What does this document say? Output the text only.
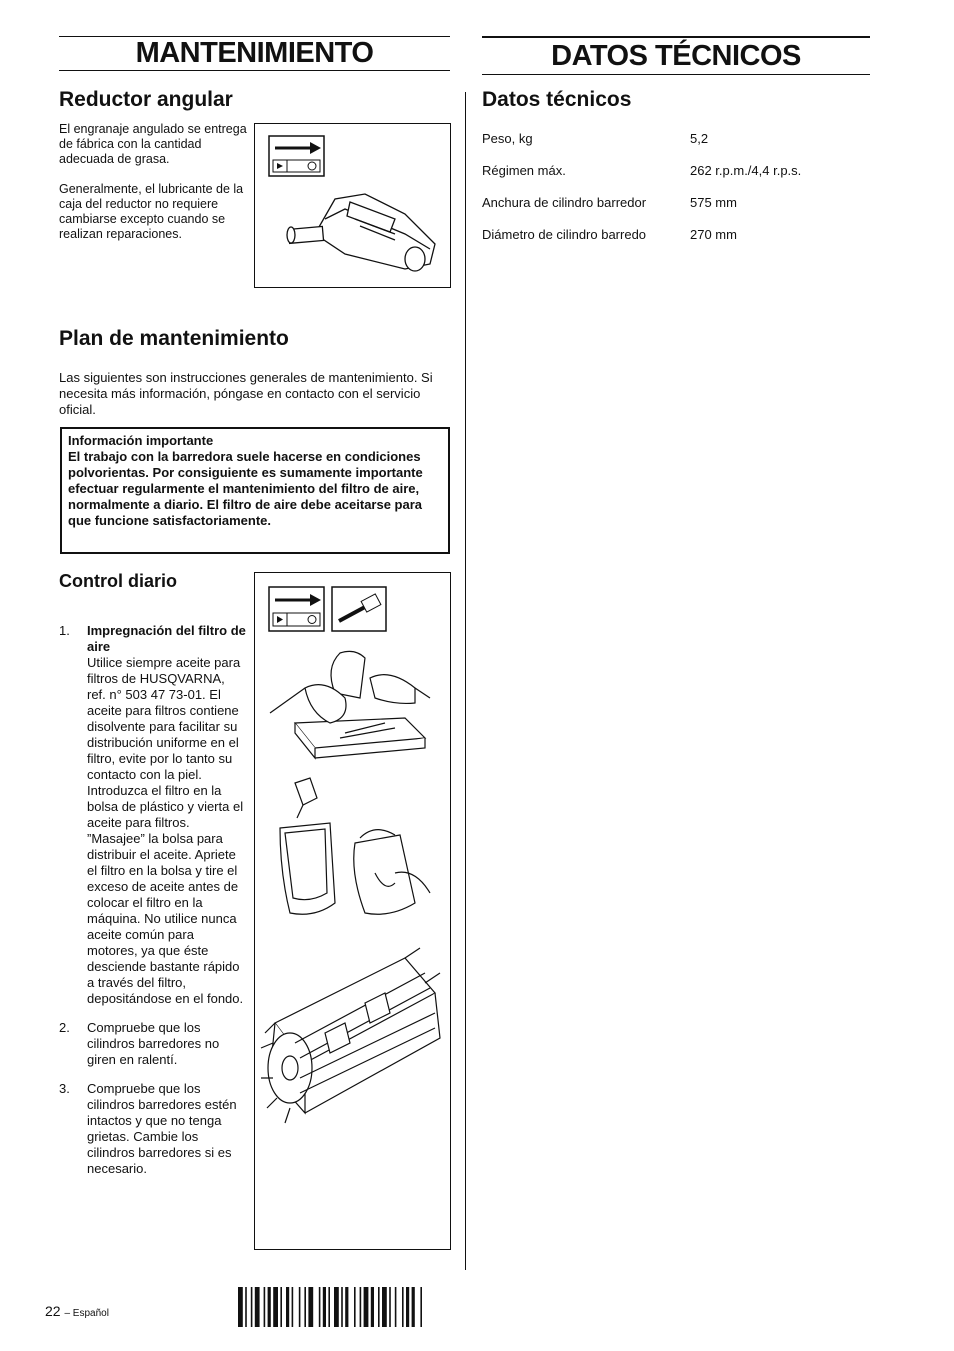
MANTENIMIENTO
Reductor angular
El engranaje angulado se entrega de fábrica con la cantidad adecuada de grasa.
Generalmente, el lubricante de la caja del reductor no requiere cambiarse excepto cuando se realizan reparaciones.
Plan de mantenimiento
Las siguientes son instrucciones generales de mantenimiento. Si necesita más información, póngase en contacto con el servicio oficial.
Información importante
El trabajo con la barredora suele hacerse en condiciones polvorientas. Por consiguiente es sumamente importante efectuar regularmente el mantenimiento del filtro de aire, normalmente a diario. El filtro de aire debe aceitarse para que funcione satisfactoriamente.
Control diario
1. Impregnación del filtro de aire
Utilice siempre aceite para filtros de HUSQVARNA, ref. n° 503 47 73-01. El aceite para filtros contiene disolvente para facilitar su distribución uniforme en el filtro, evite por lo tanto su contacto con la piel. Introduzca el filtro en la bolsa de plástico y vierta el aceite para filtros. ”Masajee” la bolsa para distribuir el aceite. Apriete el filtro en la bolsa y tire el exceso de aceite antes de colocar el filtro en la máquina. No utilice nunca aceite común para motores, ya que éste desciende bastante rápido a través del filtro, depositándose en el fondo.
2. Compruebe que los cilindros barredores no giren en ralentí.
3. Compruebe que los cilindros barredores estén intactos y que no tenga grietas. Cambie los cilindros barredores si es necesario.
DATOS TÉCNICOS
Datos técnicos
Peso, kg	5,2
Régimen máx.	262 r.p.m./4,4 r.p.s.
Anchura de cilindro barredor	575 mm
Diámetro de cilindro barredo	270 mm
22 – Español
